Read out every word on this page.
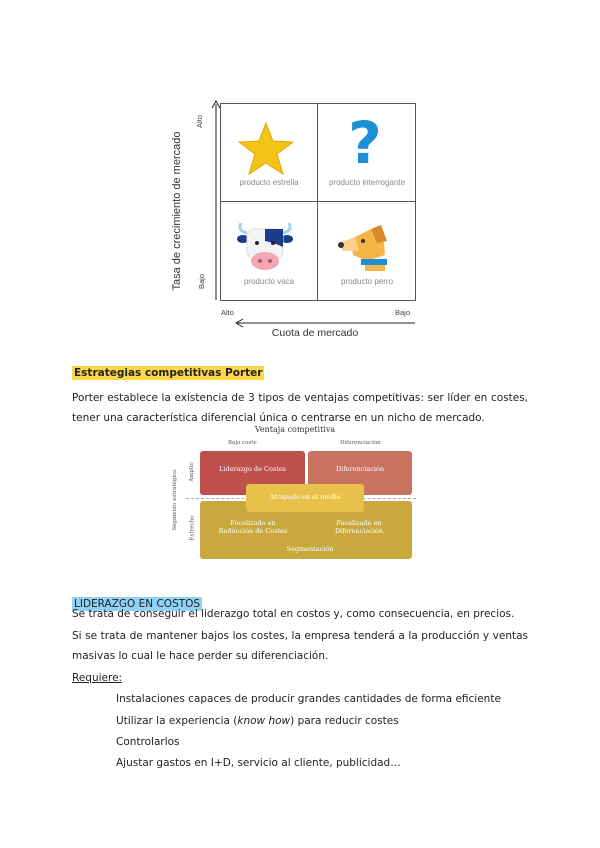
Tasa de crecimiento de mercado
Alto
Bajo
producto estrella
?
producto interrogante
producto vaca	producto perro
Alto	Bajo
Cuota de mercado
Estrategias competitivas Porter
Porter establece la existencia de 3 tipos de ventajas competitivas: ser líder en costes, tener una característica diferencial única o centrarse en un nicho de mercado.
Ventaja competitiva
Bajo coste	Diferenciación
Segmento estratégico Amplio
Estrecho
Liderazgo de Costes	Diferenciación
Focalizado en Reducción de Costes
Focalizado en Diferenciación
Segmentación
Atrapado en el medio
LIDERAZGO EN COSTOS
Se trata de conseguir el liderazgo total en costos y, como consecuencia, en precios.
Si se trata de mantener bajos los costes, la empresa tenderá a la producción y ventas masivas lo cual le hace perder su diferenciación.
Requiere:
Instalaciones capaces de producir grandes cantidades de forma eficiente
Utilizar la experiencia (know how) para reducir costes
Controlarlos
Ajustar gastos en I+D, servicio al cliente, publicidad…
